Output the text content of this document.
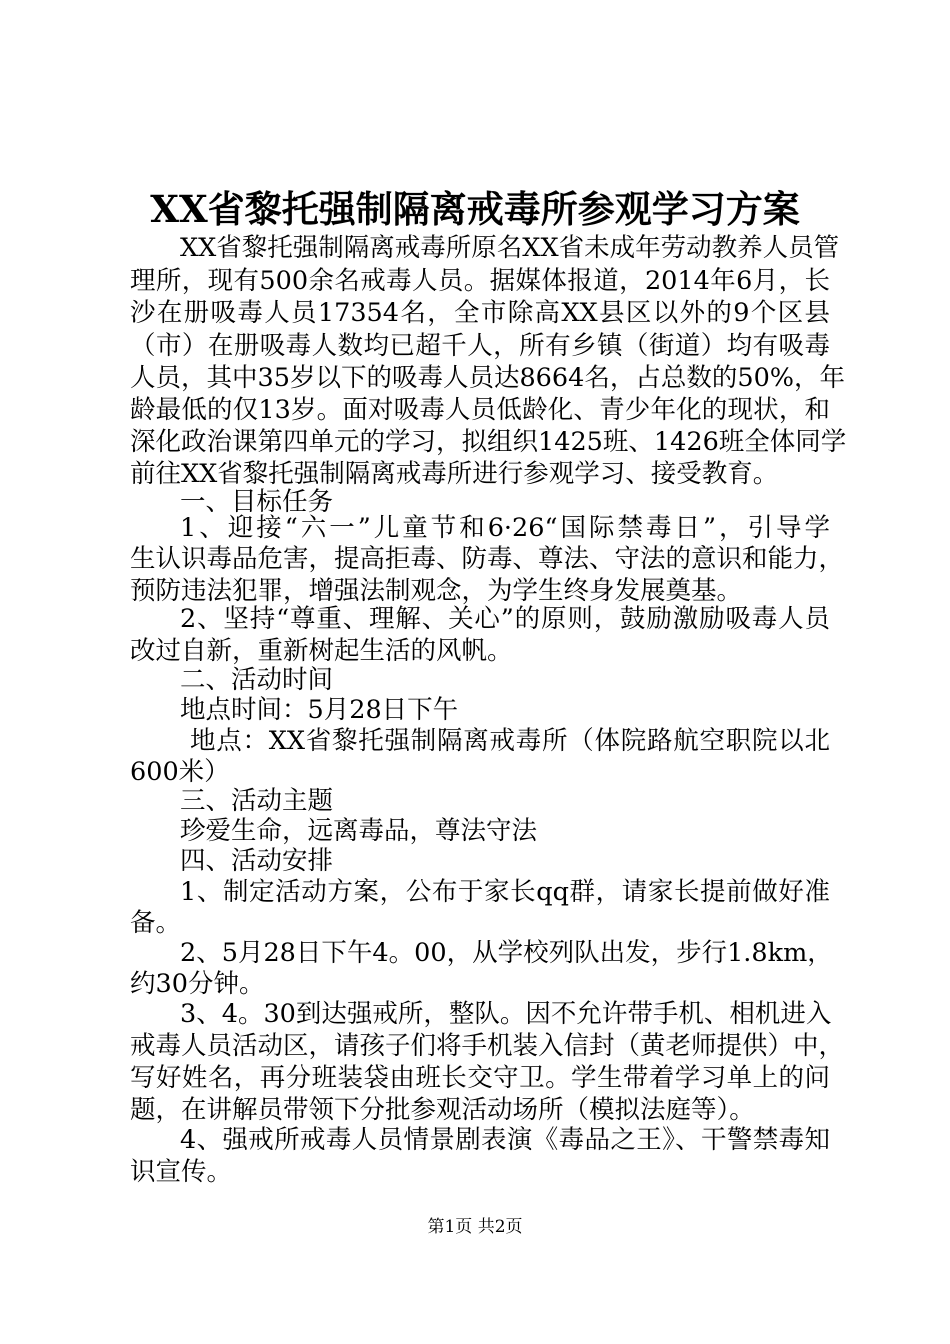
XX省黎托强制隔离戒毒所参观学习方案
XX省黎托强制隔离戒毒所原名XX省未成年劳动教养人员管
理所，现有500余名戒毒人员。据媒体报道，2014年6月，长
沙在册吸毒人员17354名，全市除高XX县区以外的9个区县
（市）在册吸毒人数均已超千人，所有乡镇（街道）均有吸毒
人员，其中35岁以下的吸毒人员达8664名，占总数的50%，年
龄最低的仅13岁。面对吸毒人员低龄化、青少年化的现状，和
深化政治课第四单元的学习，拟组织1425班、1426班全体同学
前往XX省黎托强制隔离戒毒所进行参观学习、接受教育。
一、目标任务
1、迎接“六一”儿童节和6·26“国际禁毒日”，引导学
生认识毒品危害，提高拒毒、防毒、尊法、守法的意识和能力，
预防违法犯罪，增强法制观念，为学生终身发展奠基。
2、坚持“尊重、理解、关心”的原则，鼓励激励吸毒人员
改过自新，重新树起生活的风帆。
二、活动时间
地点时间：5月28日下午
地点：XX省黎托强制隔离戒毒所（体院路航空职院以北
600米）
三、活动主题
珍爱生命，远离毒品，尊法守法
四、活动安排
1、制定活动方案，公布于家长qq群，请家长提前做好准
备。
2、5月28日下午4。00，从学校列队出发，步行1.8km，
约30分钟。
3、4。30到达强戒所，整队。因不允许带手机、相机进入
戒毒人员活动区，请孩子们将手机装入信封（黄老师提供）中，
写好姓名，再分班装袋由班长交守卫。学生带着学习单上的问
题，在讲解员带领下分批参观活动场所（模拟法庭等）。
4、强戒所戒毒人员情景剧表演《毒品之王》、干警禁毒知
识宣传。
第1页 共2页
